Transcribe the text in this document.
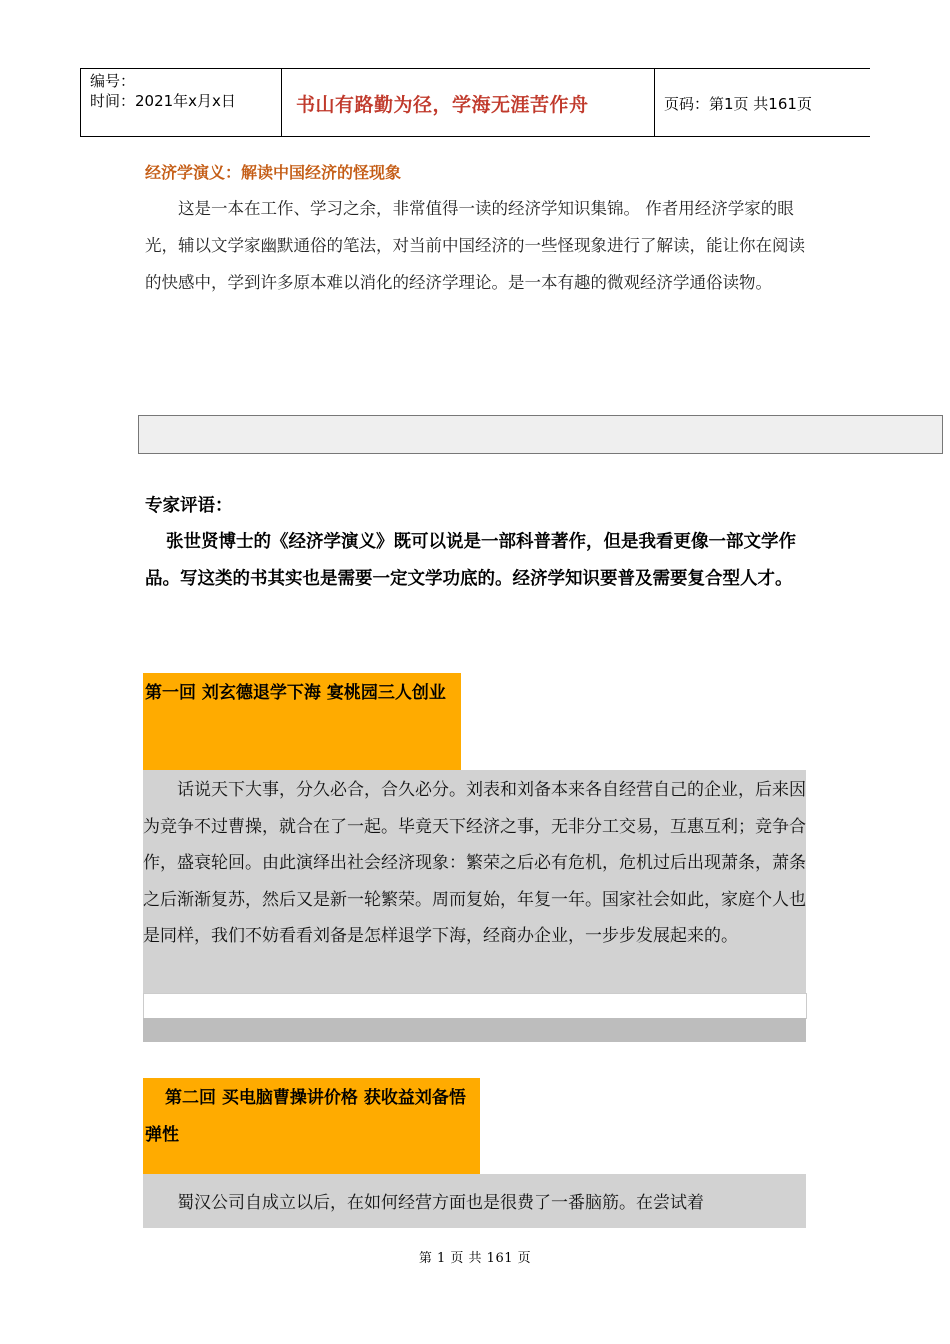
编号：
时间：2021年x月x日	书山有路勤为径，学海无涯苦作舟	页码：第1页 共161页
经济学演义：解读中国经济的怪现象

这是一本在工作、学习之余，非常值得一读的经济学知识集锦。 作者用经济学家的眼光，辅以文学家幽默通俗的笔法，对当前中国经济的一些怪现象进行了解读，能让你在阅读的快感中，学到许多原本难以消化的经济学理论。是一本有趣的微观经济学通俗读物。

专家评语：

张世贤博士的《经济学演义》既可以说是一部科普著作，但是我看更像一部文学作品。写这类的书其实也是需要一定文学功底的。经济学知识要普及需要复合型人才。

第一回 刘玄德退学下海 宴桃园三人创业

话说天下大事，分久必合，合久必分。刘表和刘备本来各自经营自己的企业，后来因为竞争不过曹操，就合在了一起。毕竟天下经济之事，无非分工交易，互惠互利；竞争合作，盛衰轮回。由此演绎出社会经济现象：繁荣之后必有危机，危机过后出现萧条，萧条之后渐渐复苏，然后又是新一轮繁荣。周而复始，年复一年。国家社会如此，家庭个人也是同样，我们不妨看看刘备是怎样退学下海，经商办企业，一步步发展起来的。

第二回 买电脑曹操讲价格 获收益刘备悟弹性

蜀汉公司自成立以后，在如何经营方面也是很费了一番脑筋。在尝试着

第 1 页 共 161 页
